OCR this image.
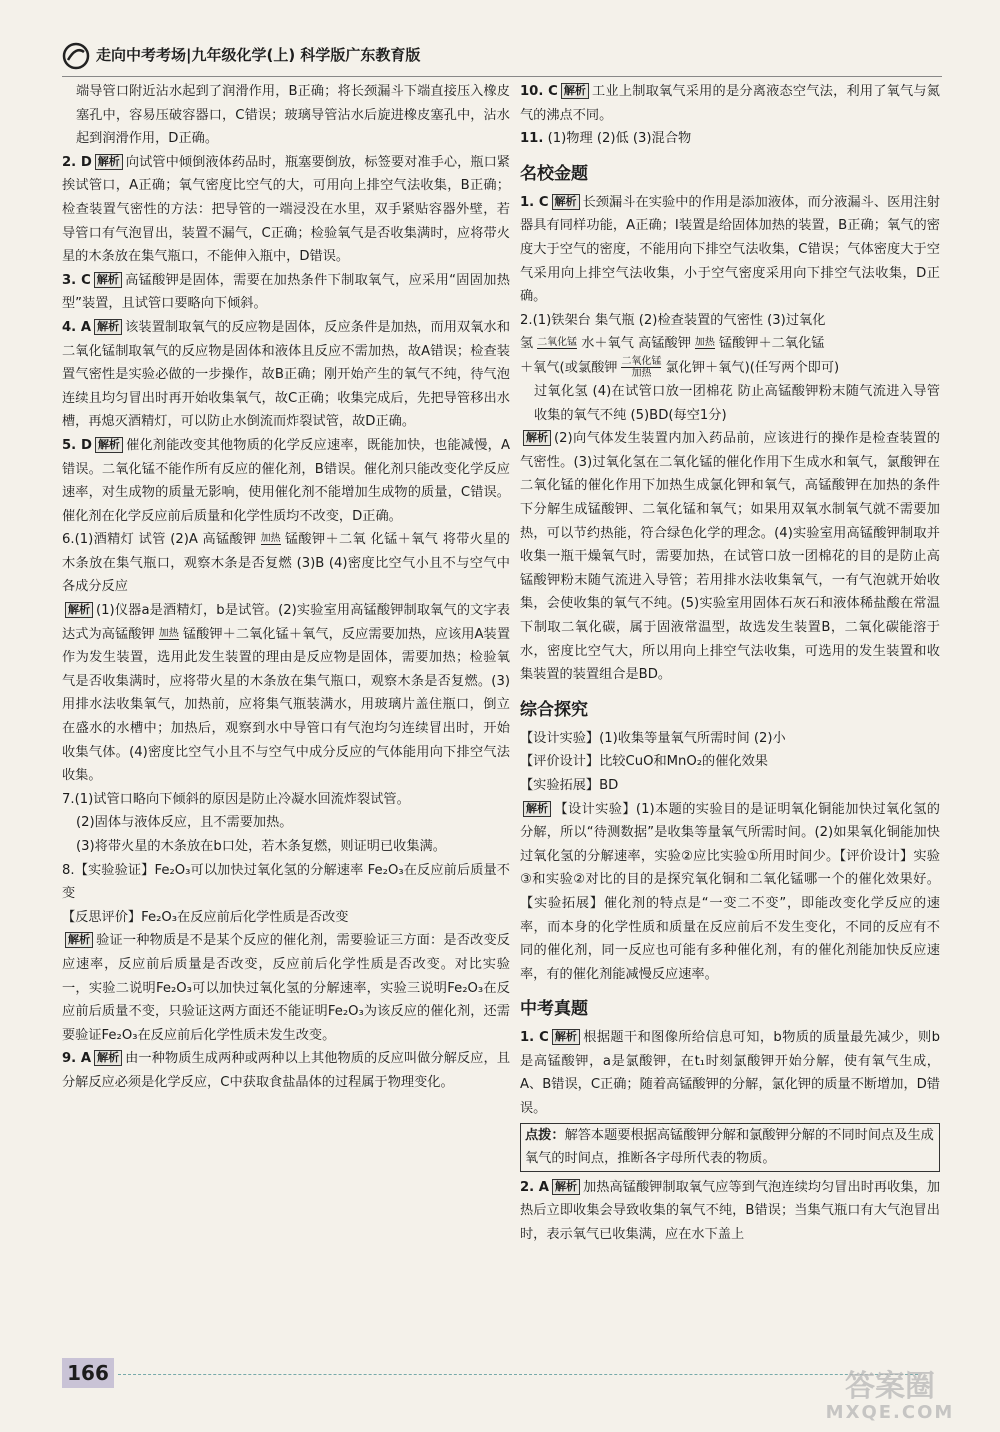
走向中考考场|九年级化学(上) 科学版广东教育版
端导管口附近沾水起到了润滑作用，B正确；将长颈漏斗下端直接压入橡皮塞孔中，容易压破容器口，C错误；玻璃导管沾水后旋进橡皮塞孔中，沾水起到润滑作用，D正确。
2. D 解析 向试管中倾倒液体药品时，瓶塞要倒放，标签要对准手心，瓶口紧挨试管口，A正确；氧气密度比空气的大，可用向上排空气法收集，B正确；检查装置气密性的方法：把导管的一端浸没在水里，双手紧贴容器外壁，若导管口有气泡冒出，装置不漏气，C正确；检验氧气是否收集满时，应将带火星的木条放在集气瓶口，不能伸入瓶中，D错误。
3. C 解析 高锰酸钾是固体，需要在加热条件下制取氧气，应采用“固固加热型”装置，且试管口要略向下倾斜。
4. A 解析 该装置制取氧气的反应物是固体，反应条件是加热，而用双氧水和二氧化锰制取氧气的反应物是固体和液体且反应不需加热，故A错误；检查装置气密性是实验必做的一步操作，故B正确；刚开始产生的氧气不纯，待气泡连续且均匀冒出时再开始收集氧气，故C正确；收集完成后，先把导管移出水槽，再熄灭酒精灯，可以防止水倒流而炸裂试管，故D正确。
5. D 解析 催化剂能改变其他物质的化学反应速率，既能加快，也能减慢，A错误。二氧化锰不能作所有反应的催化剂，B错误。催化剂只能改变化学反应速率，对生成物的质量无影响，使用催化剂不能增加生成物的质量，C错误。催化剂在化学反应前后质量和化学性质均不改变，D正确。
6.(1)酒精灯 试管 (2)A 高锰酸钾 加热 锰酸钾＋二氧 化锰＋氧气 将带火星的木条放在集气瓶口，观察木条是否复燃 (3)B (4)密度比空气小且不与空气中各成分反应
解析 (1)仪器a是酒精灯，b是试管。(2)实验室用高锰酸钾制取氧气的文字表达式为高锰酸钾 加热 锰酸钾＋二氧化锰＋氧气，反应需要加热，应该用A装置作为发生装置，选用此发生装置的理由是反应物是固体，需要加热；检验氧气是否收集满时，应将带火星的木条放在集气瓶口，观察木条是否复燃。(3)用排水法收集氧气，加热前，应将集气瓶装满水，用玻璃片盖住瓶口，倒立在盛水的水槽中；加热后，观察到水中导管口有气泡均匀连续冒出时，开始收集气体。(4)密度比空气小且不与空气中成分反应的气体能用向下排空气法收集。
7.(1)试管口略向下倾斜的原因是防止冷凝水回流炸裂试管。
(2)固体与液体反应，且不需要加热。
(3)将带火星的木条放在b口处，若木条复燃，则证明已收集满。
8.【实验验证】Fe₂O₃可以加快过氧化氢的分解速率 Fe₂O₃在反应前后质量不变
【反思评价】Fe₂O₃在反应前后化学性质是否改变
解析 验证一种物质是不是某个反应的催化剂，需要验证三方面：是否改变反应速率，反应前后质量是否改变，反应前后化学性质是否改变。对比实验一，实验二说明Fe₂O₃可以加快过氧化氢的分解速率，实验三说明Fe₂O₃在反应前后质量不变，只验证这两方面还不能证明Fe₂O₃为该反应的催化剂，还需要验证Fe₂O₃在反应前后化学性质未发生改变。
9. A 解析 由一种物质生成两种或两种以上其他物质的反应叫做分解反应，且分解反应必须是化学反应，C中获取食盐晶体的过程属于物理变化。
10. C 解析 工业上制取氧气采用的是分离液态空气法，利用了氧气与氮气的沸点不同。
11. (1)物理 (2)低 (3)混合物
名校金题
1. C 解析 长颈漏斗在实验中的作用是添加液体，而分液漏斗、医用注射器具有同样功能，A正确；I装置是给固体加热的装置，B正确；氧气的密度大于空气的密度，不能用向下排空气法收集，C错误；气体密度大于空气采用向上排空气法收集，小于空气密度采用向下排空气法收集，D正确。
2.(1)铁架台 集气瓶 (2)检查装置的气密性 (3)过氧化
氢 二氧化锰 水＋氧气 高锰酸钾 加热 锰酸钾＋二氧化锰
＋氧气(或氯酸钾 二氧化锰
加热	氯化钾＋氧气)(任写两个即可)
过氧化氢 (4)在试管口放一团棉花 防止高锰酸钾粉末随气流进入导管 收集的氧气不纯 (5)BD(每空1分)
解析 (2)向气体发生装置内加入药品前，应该进行的操作是检查装置的气密性。(3)过氧化氢在二氧化锰的催化作用下生成水和氧气，氯酸钾在二氧化锰的催化作用下加热生成氯化钾和氧气，高锰酸钾在加热的条件下分解生成锰酸钾、二氧化锰和氧气；如果用双氧水制氧气就不需要加热，可以节约热能，符合绿色化学的理念。(4)实验室用高锰酸钾制取并收集一瓶干燥氧气时，需要加热，在试管口放一团棉花的目的是防止高锰酸钾粉末随气流进入导管；若用排水法收集氧气，一有气泡就开始收集，会使收集的氧气不纯。(5)实验室用固体石灰石和液体稀盐酸在常温下制取二氧化碳，属于固液常温型，故选发生装置B，二氧化碳能溶于水，密度比空气大，所以用向上排空气法收集，可选用的发生装置和收集装置的装置组合是BD。
综合探究
【设计实验】(1)收集等量氧气所需时间 (2)小
【评价设计】比较CuO和MnO₂的催化效果
【实验拓展】BD
解析 【设计实验】(1)本题的实验目的是证明氧化铜能加快过氧化氢的分解，所以“待测数据”是收集等量氧气所需时间。(2)如果氧化铜能加快过氧化氢的分解速率，实验②应比实验①所用时间少。【评价设计】实验③和实验②对比的目的是探究氧化铜和二氧化锰哪一个的催化效果好。【实验拓展】催化剂的特点是“一变二不变”，即能改变化学反应的速率，而本身的化学性质和质量在反应前后不发生变化，不同的反应有不同的催化剂，同一反应也可能有多种催化剂，有的催化剂能加快反应速率，有的催化剂能减慢反应速率。
中考真题
1. C 解析 根据题干和图像所给信息可知，b物质的质量最先减少，则b是高锰酸钾，a是氯酸钾，在t₁时刻氯酸钾开始分解，使有氧气生成，A、B错误，C正确；随着高锰酸钾的分解，氯化钾的质量不断增加，D错误。
点拨：解答本题要根据高锰酸钾分解和氯酸钾分解的不同时间点及生成氧气的时间点，推断各字母所代表的物质。
2. A 解析 加热高锰酸钾制取氧气应等到气泡连续均匀冒出时再收集，加热后立即收集会导致收集的氧气不纯，B错误；当集气瓶口有大气泡冒出时，表示氧气已收集满，应在水下盖上
166	答案圈
MXQE.COM
